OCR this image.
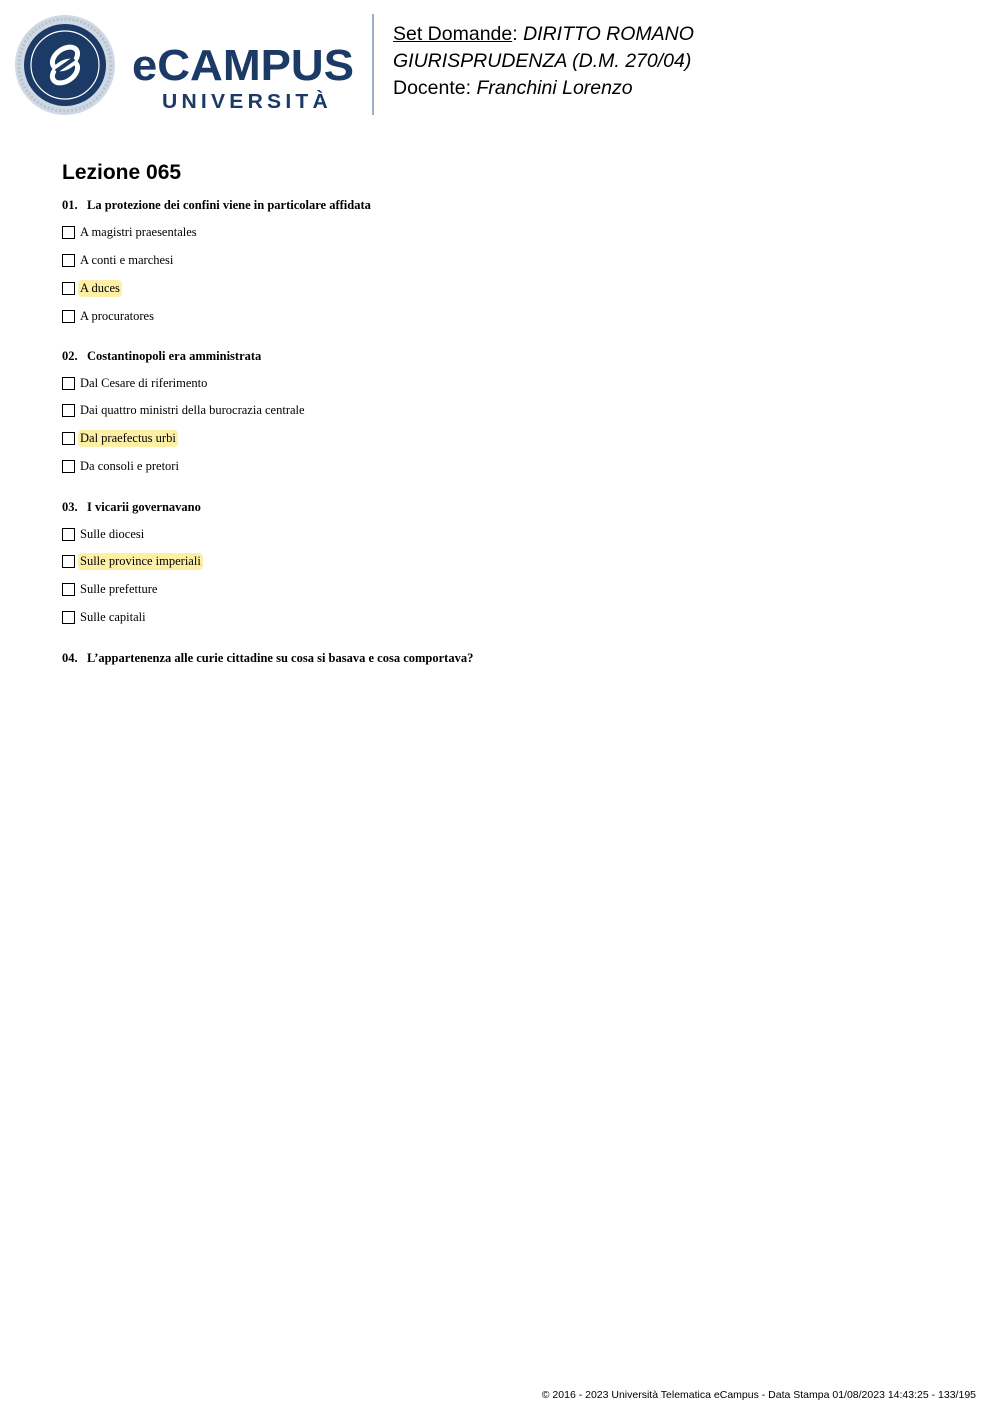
eCAMPUS
UNIVERSITÀ
Set Domande: DIRITTO ROMANO
GIURISPRUDENZA (D.M. 270/04)
Docente: Franchini Lorenzo
Lezione 065
01. La protezione dei confini viene in particolare affidata
A magistri praesentales
A conti e marchesi
A duces
A procuratores
02. Costantinopoli era amministrata
Dal Cesare di riferimento
Dai quattro ministri della burocrazia centrale
Dal praefectus urbi
Da consoli e pretori
03. I vicarii governavano
Sulle diocesi
Sulle province imperiali
Sulle prefetture
Sulle capitali
04. L’appartenenza alle curie cittadine su cosa si basava e cosa comportava?
© 2016 - 2023 Università Telematica eCampus - Data Stampa 01/08/2023 14:43:25 - 133/195
